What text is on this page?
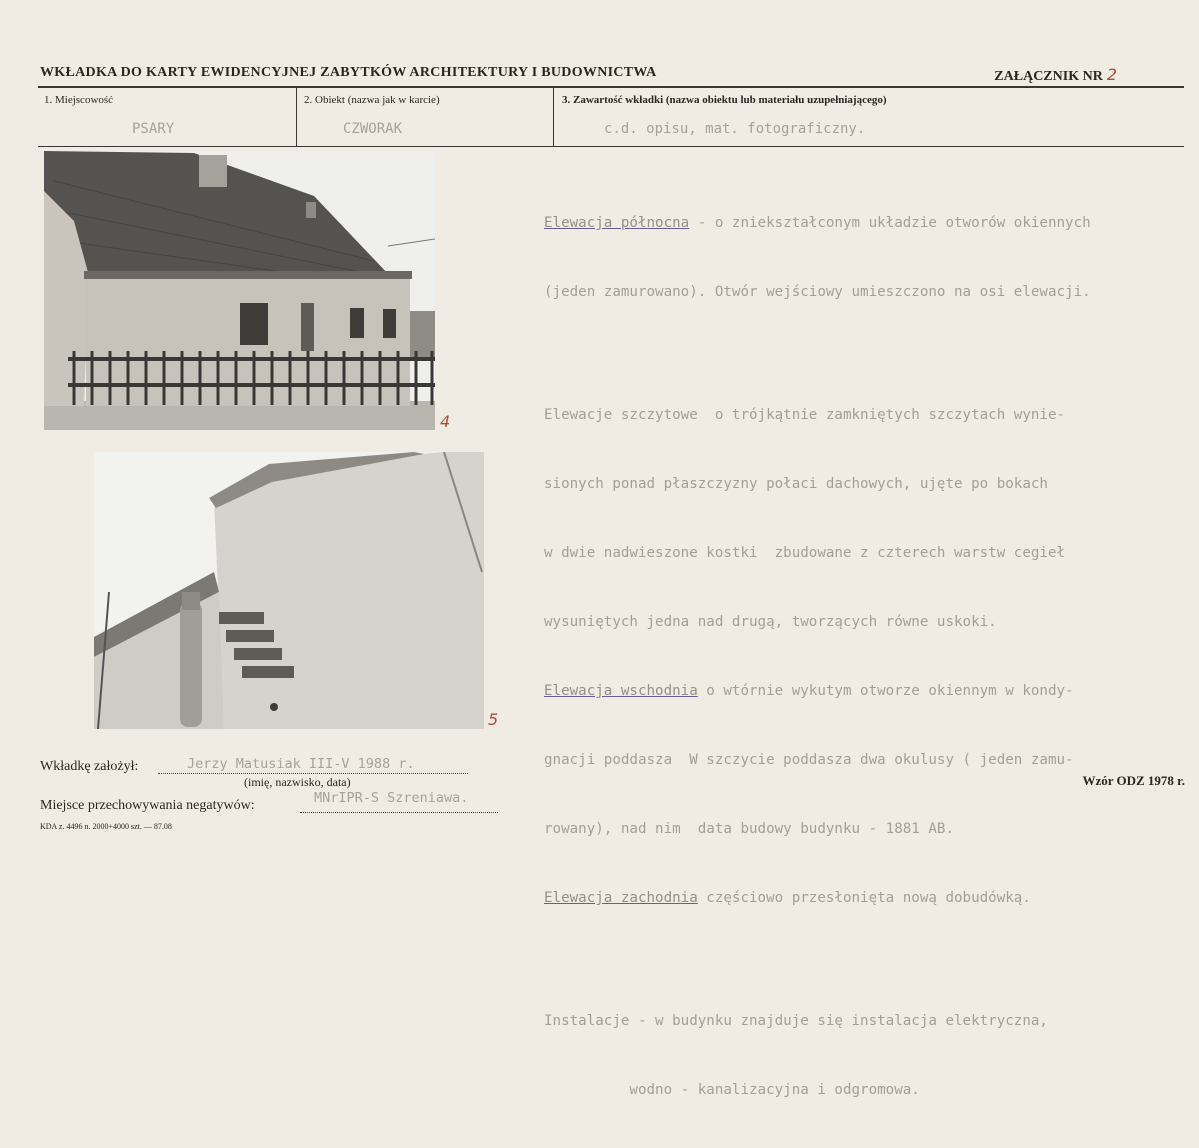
WKŁADKA DO KARTY EWIDENCYJNEJ ZABYTKÓW ARCHITEKTURY I BUDOWNICTWA	ZAŁĄCZNIK NR 2
1. Miejscowość
PSARY
2. Obiekt (nazwa jak w karcie)
CZWORAK
3. Zawartość wkładki (nazwa obiektu lub materiału uzupełniającego)
c.d. opisu, mat. fotograficzny.
4
5

Elewacja północna - o zniekształconym układzie otworów okiennych

(jeden zamurowano). Otwór wejściowy umieszczono na osi elewacji.

Elewacje szczytowe  o trójkątnie zamkniętych szczytach wynie-

sionych ponad płaszczyzny połaci dachowych, ujęte po bokach

w dwie nadwieszone kostki  zbudowane z czterech warstw cegieł

wysuniętych jedna nad drugą, tworzących równe uskoki.

Elewacja wschodnia o wtórnie wykutym otworze okiennym w kondy-

gnacji poddasza  W szczycie poddasza dwa okulusy ( jeden zamu-

rowany), nad nim  data budowy budynku - 1881 AB.

Elewacja zachodnia częściowo przesłonięta nową dobudówką.

Instalacje - w budynku znajduje się instalacja elektryczna,

wodno - kanalizacyjna i odgromowa.

Wkładkę założył:	Jerzy Matusiak III-V 1988 r.
(imię, nazwisko, data)
Miejsce przechowywania negatywów:	MNrIPR-S Szreniawa.
Wzór ODZ 1978 r.
KDA z. 4496 n. 2000+4000 szt. — 87.08
